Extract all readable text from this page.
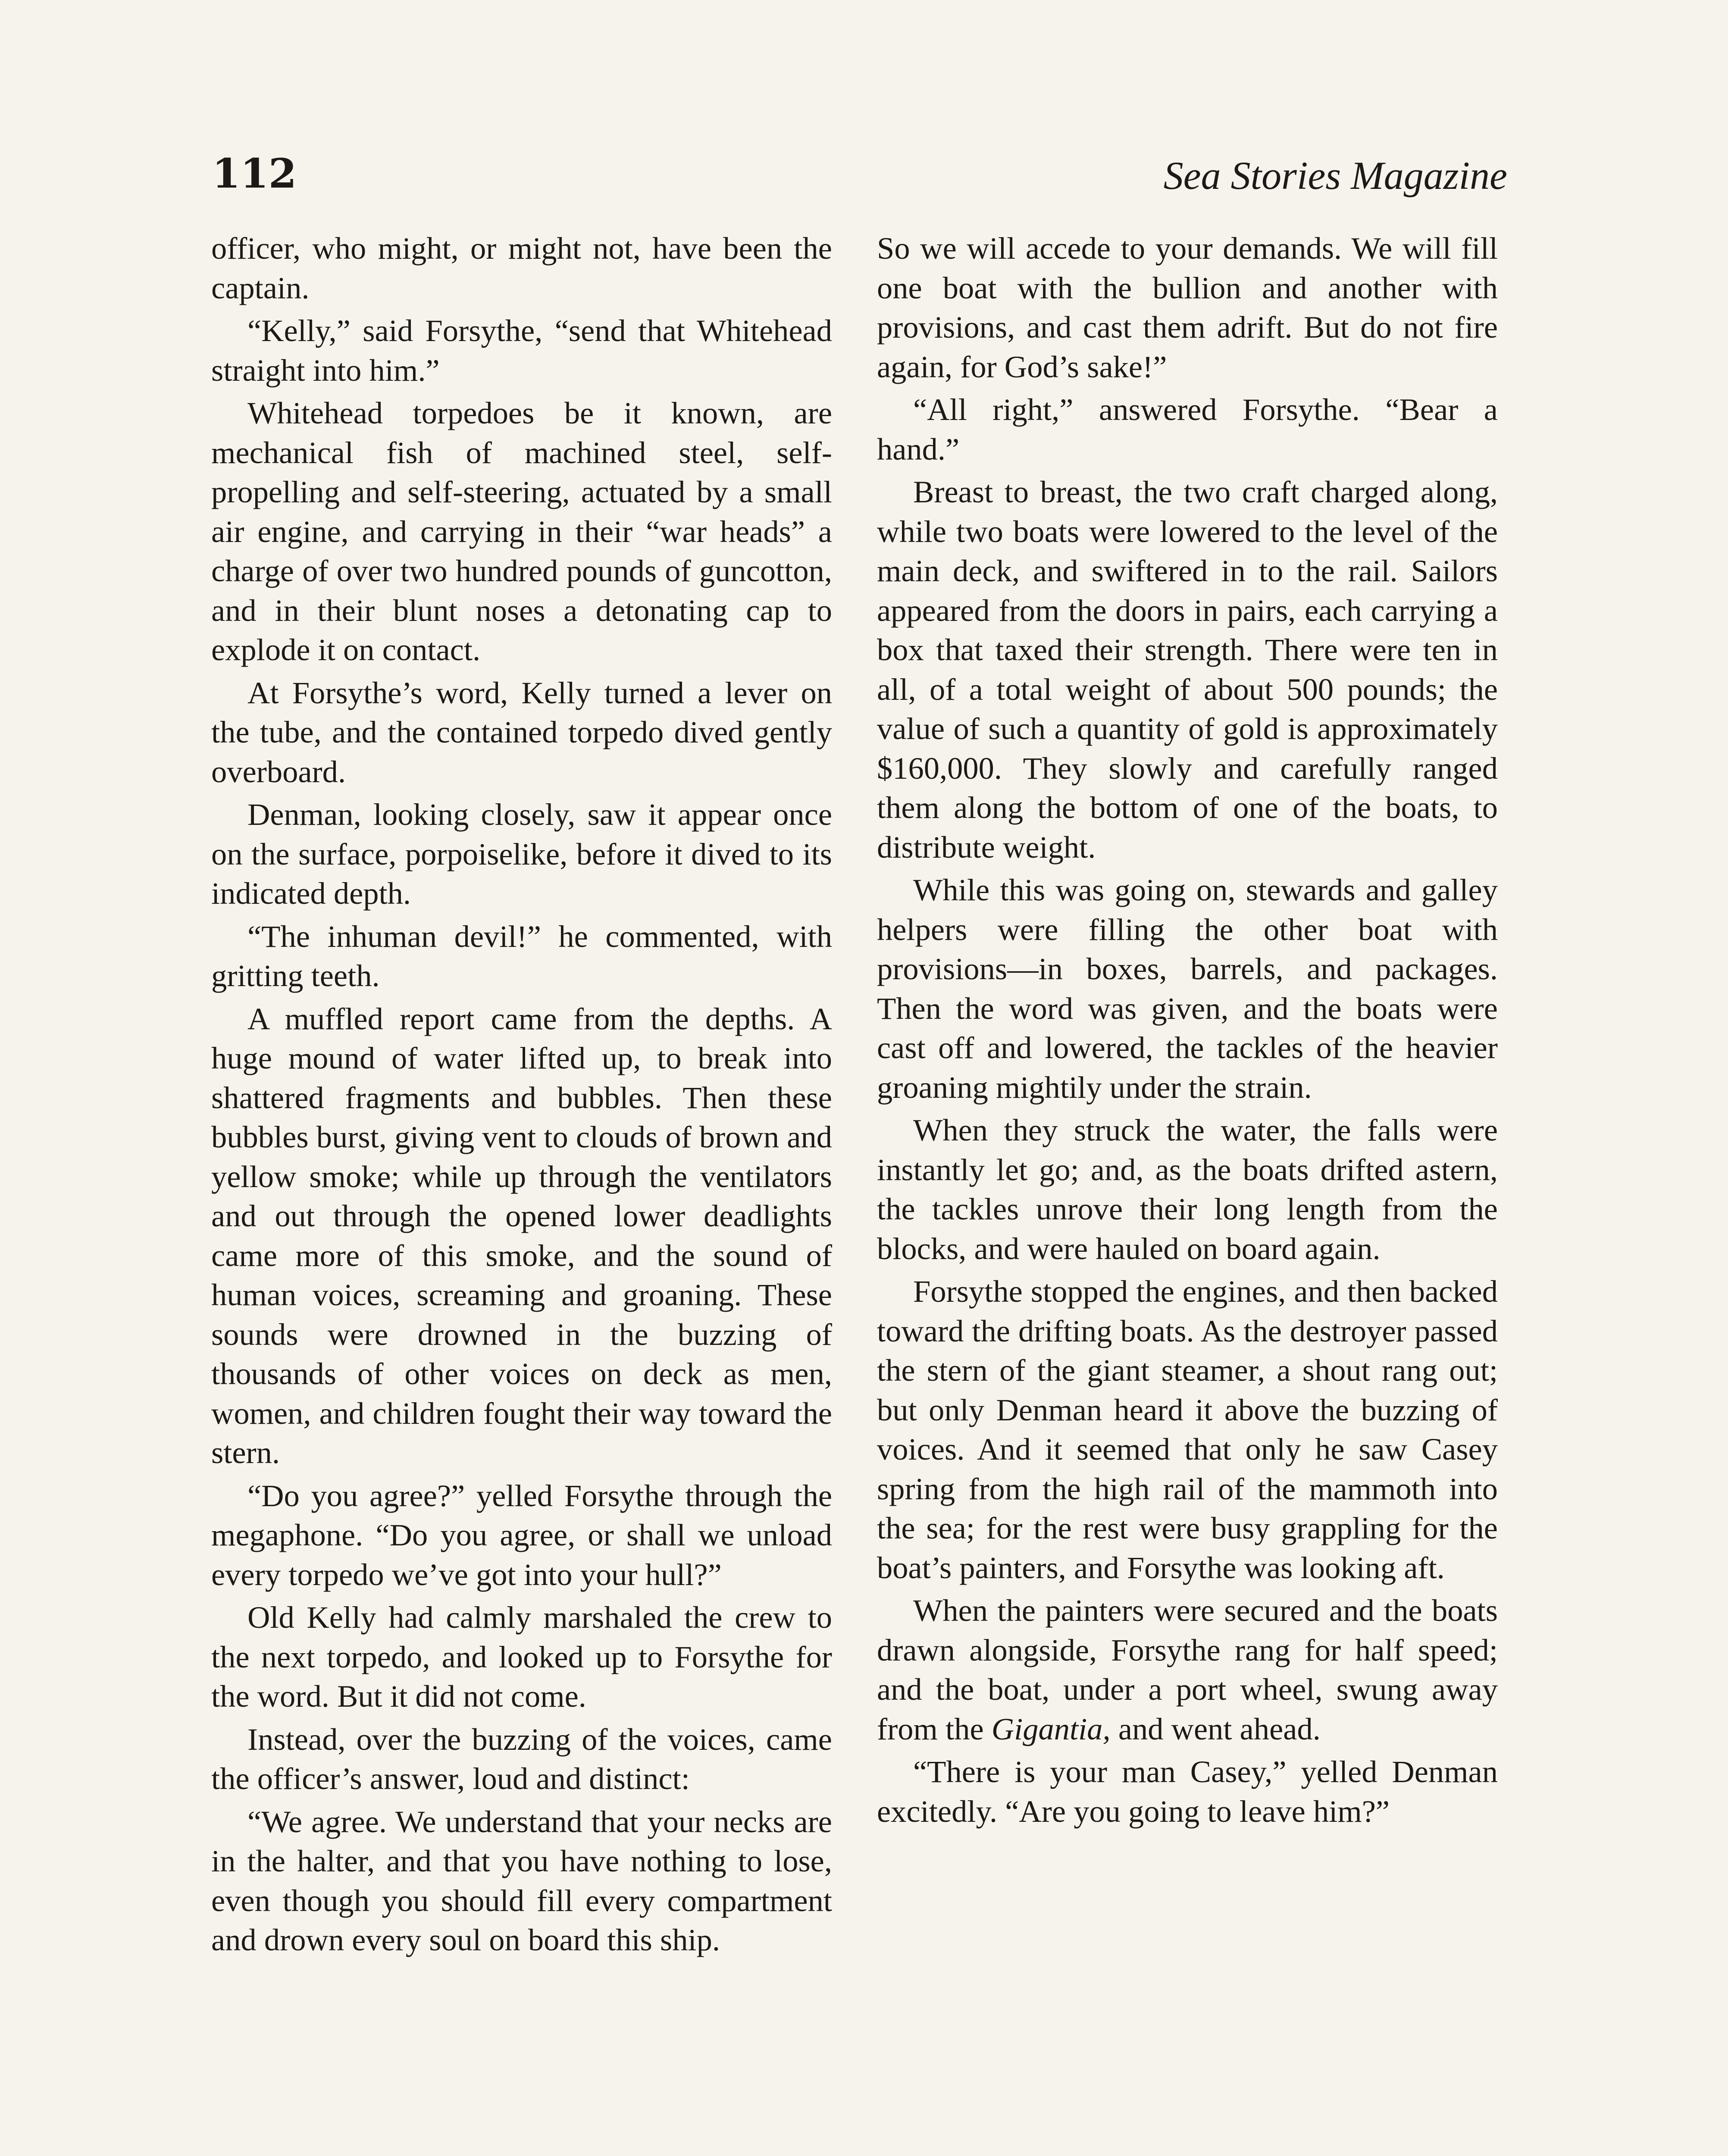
112	Sea Stories Magazine

officer, who might, or might not, have been the captain.

“Kelly,” said Forsythe, “send that Whitehead straight into him.”

Whitehead torpedoes be it known, are mechanical fish of machined steel, self-propelling and self-steering, actuated by a small air engine, and carrying in their “war heads” a charge of over two hundred pounds of guncotton, and in their blunt noses a detonating cap to explode it on contact.

At Forsythe’s word, Kelly turned a lever on the tube, and the contained torpedo dived gently overboard.

Denman, looking closely, saw it appear once on the surface, porpoiselike, before it dived to its indicated depth.

“The inhuman devil!” he commented, with gritting teeth.

A muffled report came from the depths. A huge mound of water lifted up, to break into shattered fragments and bubbles. Then these bubbles burst, giving vent to clouds of brown and yellow smoke; while up through the ventilators and out through the opened lower deadlights came more of this smoke, and the sound of human voices, screaming and groaning. These sounds were drowned in the buzzing of thousands of other voices on deck as men, women, and children fought their way toward the stern.

“Do you agree?” yelled Forsythe through the megaphone. “Do you agree, or shall we unload every torpedo we’ve got into your hull?”

Old Kelly had calmly marshaled the crew to the next torpedo, and looked up to Forsythe for the word. But it did not come.

Instead, over the buzzing of the voices, came the officer’s answer, loud and distinct:

“We agree. We understand that your necks are in the halter, and that you have nothing to lose, even though you should fill every compartment and drown every soul on board this ship.

So we will accede to your demands. We will fill one boat with the bullion and another with provisions, and cast them adrift. But do not fire again, for God’s sake!”

“All right,” answered Forsythe. “Bear a hand.”

Breast to breast, the two craft charged along, while two boats were lowered to the level of the main deck, and swiftered in to the rail. Sailors appeared from the doors in pairs, each carrying a box that taxed their strength. There were ten in all, of a total weight of about 500 pounds; the value of such a quantity of gold is approximately $160,000. They slowly and carefully ranged them along the bottom of one of the boats, to distribute weight.

While this was going on, stewards and galley helpers were filling the other boat with provisions—in boxes, barrels, and packages. Then the word was given, and the boats were cast off and lowered, the tackles of the heavier groaning mightily under the strain.

When they struck the water, the falls were instantly let go; and, as the boats drifted astern, the tackles unrove their long length from the blocks, and were hauled on board again.

Forsythe stopped the engines, and then backed toward the drifting boats. As the destroyer passed the stern of the giant steamer, a shout rang out; but only Denman heard it above the buzzing of voices. And it seemed that only he saw Casey spring from the high rail of the mammoth into the sea; for the rest were busy grappling for the boat’s painters, and Forsythe was looking aft.

When the painters were secured and the boats drawn alongside, Forsythe rang for half speed; and the boat, under a port wheel, swung away from the Gigantia, and went ahead.

“There is your man Casey,” yelled Denman excitedly. “Are you going to leave him?”
